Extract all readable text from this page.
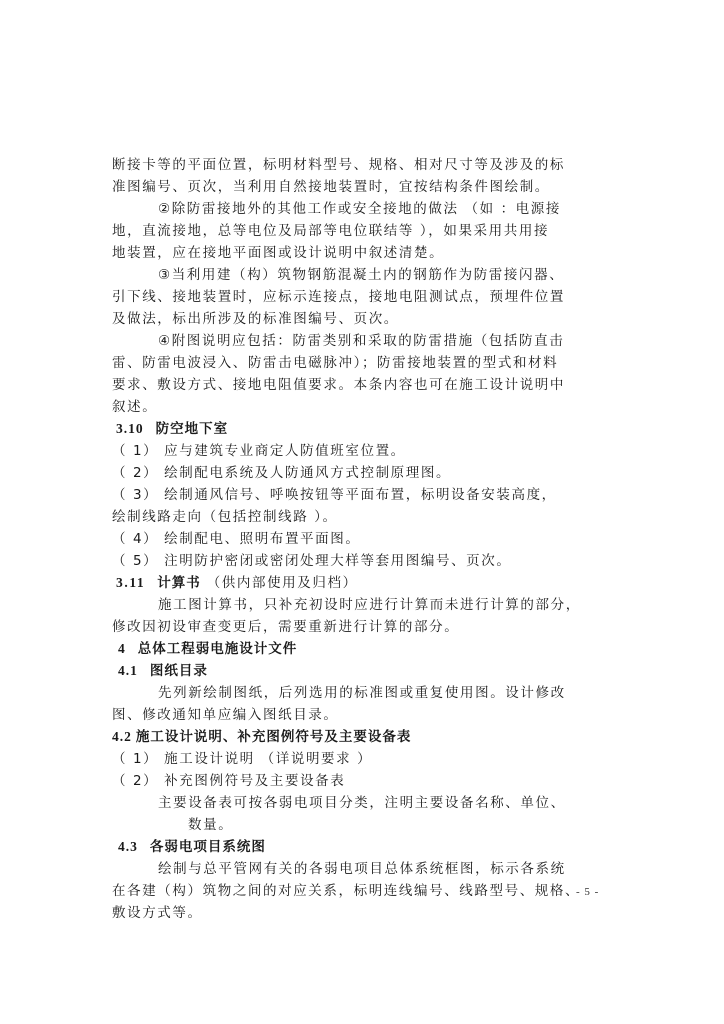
断接卡等的平面位置，标明材料型号、规格、相对尺寸等及涉及的标
准图编号、页次，当利用自然接地装置时，宜按结构条件图绘制。
②除防雷接地外的其他工作或安全接地的做法 （如 ：电源接
地，直流接地，总等电位及局部等电位联结等 ），如果采用共用接
地装置，应在接地平面图或设计说明中叙述清楚。
③当利用建（构）筑物钢筋混凝土内的钢筋作为防雷接闪器、
引下线、接地装置时，应标示连接点，接地电阻测试点，预埋件位置
及做法，标出所涉及的标准图编号、页次。
④附图说明应包括：防雷类别和采取的防雷措施（包括防直击
雷、防雷电波浸入、防雷击电磁脉冲）；防雷接地装置的型式和材料
要求、敷设方式、接地电阻值要求。本条内容也可在施工设计说明中
叙述。
3.10 防空地下室
（ 1） 应与建筑专业商定人防值班室位置。
（ 2） 绘制配电系统及人防通风方式控制原理图。
（ 3） 绘制通风信号、呼唤按钮等平面布置，标明设备安装高度，
绘制线路走向（包括控制线路 ）。
（ 4） 绘制配电、照明布置平面图。
（ 5） 注明防护密闭或密闭处理大样等套用图编号、页次。
3.11 计算书 （供内部使用及归档）
施工图计算书，只补充初设时应进行计算而未进行计算的部分，
修改因初设审查变更后，需要重新进行计算的部分。
4 总体工程弱电施设计文件
4.1 图纸目录
先列新绘制图纸，后列选用的标准图或重复使用图。设计修改
图、修改通知单应编入图纸目录。
4.2 施工设计说明、补充图例符号及主要设备表
（ 1） 施工设计说明 （详说明要求 ）
（ 2） 补充图例符号及主要设备表
主要设备表可按各弱电项目分类，注明主要设备名称、单位、
数量。
4.3 各弱电项目系统图
绘制与总平管网有关的各弱电项目总体系统框图，标示各系统
在各建（构）筑物之间的对应关系，标明连线编号、线路型号、规格、
敷设方式等。
- 5 -
